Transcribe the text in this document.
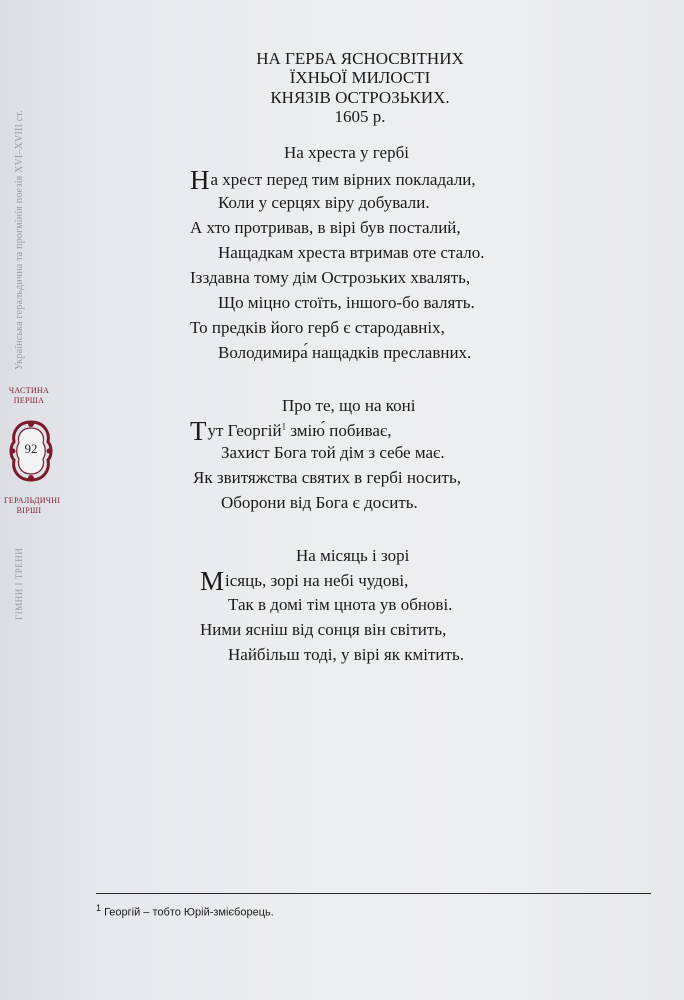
Українська геральдична та прогмінія поезія XVI–XVIII ст.
ГІМНИ І ТРЕНИ
ЧАСТИНА
ПЕРША
92
ГЕРАЛЬДИЧНІ
ВІРШІ
НА ГЕРБА ЯСНОСВІТНИХ
ЇХНЬОЇ МИЛОСТІ
КНЯЗІВ ОСТРОЗЬКИХ.
1605 р.
На хреста у гербі
На хрест перед тим вірних покладали,
Коли у серцях віру добували.
А хто протривав, в вірі був посталий,
Нащадкам хреста втримав оте стало.
Ізздавна тому дім Острозьких хвалять,
Що міцно стоїть, іншого-бо валять.
То предків його герб є стародавніх,
Володимира́ нащадків преславних.
Про те, що на коні
Тут Георгій$^1$ змію́ побиває,
Захист Бога той дім з себе має.
Як звитяжства святих в гербі носить,
Оборони від Бога є досить.
На місяць і зорі
Місяць, зорі на небі чудові,
Так в домі тім цнота ув обнові.
Ними ясніш від сонця він світить,
Найбільш тоді, у вірі як кмітить.
$^1$ Георгій – тобто Юрій-змієборець.
